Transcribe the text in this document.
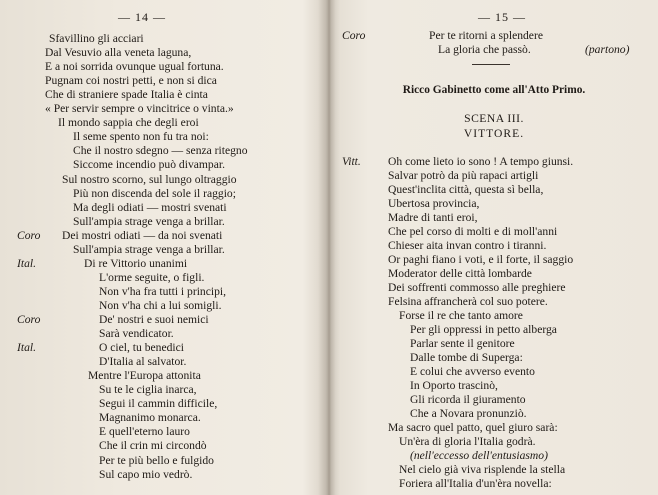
— 14 —
Sfavillino gli acciari
Dal Vesuvio alla veneta laguna,
E a noi sorrida ovunque ugual fortuna.
Pugnam coi nostri petti, e non si dica
Che di straniere spade Italia è cinta
« Per servir sempre o vincitrice o vinta.»
Il mondo sappia che degli eroi
Il seme spento non fu tra noi:
Che il nostro sdegno — senza ritegno
Siccome incendio può divampar.
Sul nostro scorno, sul lungo oltraggio
Più non discenda del sole il raggio;
Ma degli odiati — mostri svenati
Sull'ampia strage venga a brillar.
Coro Dei mostri odiati — da noi svenati
Sull'ampia strage venga a brillar.
Ital.	Di re Vittorio unanimi
L'orme seguite, o figli.
Non v'ha fra tutti i principi,
Non v'ha chi a lui somigli.
Coro	De' nostri e suoi nemici
Sarà vendicator.
Ital.	O ciel, tu benedici
D'Italia al salvator.
Mentre l'Europa attonita
Su te le ciglia inarca,
Segui il cammin difficile,
Magnanimo monarca.
E quell'eterno lauro
Che il crin mi circondò
Per te più bello e fulgido
Sul capo mio vedrò.
— 15 —
Coro	Per te ritorni a splendere
La gloria che passò.	(partono)
Ricco Gabinetto come all'Atto Primo.
SCENA III.
VITTORE.
Vitt. Oh come lieto io sono ! A tempo giunsi.
Salvar potrò da più rapaci artigli
Quest'inclita città, questa sì bella,
Ubertosa provincia,
Madre di tanti eroi,
Che pel corso di molti e di moll'anni
Chieser aita invan contro i tiranni.
Or paghi fiano i voti, e il forte, il saggio
Moderator delle città lombarde
Dei soffrenti commosso alle preghiere
Felsina affrancherà col suo potere.
Forse il re che tanto amore
Per gli oppressi in petto alberga
Parlar sente il genitore
Dalle tombe di Superga:
E colui che avverso evento
In Oporto trascinò,
Gli ricorda il giuramento
Che a Novara pronunziò.
Ma sacro quel patto, quel giuro sarà:
Un'èra di gloria l'Italia godrà.
(nell'eccesso dell'entusiasmo)
Nel cielo già viva risplende la stella
Foriera all'Italia d'un'èra novella:
